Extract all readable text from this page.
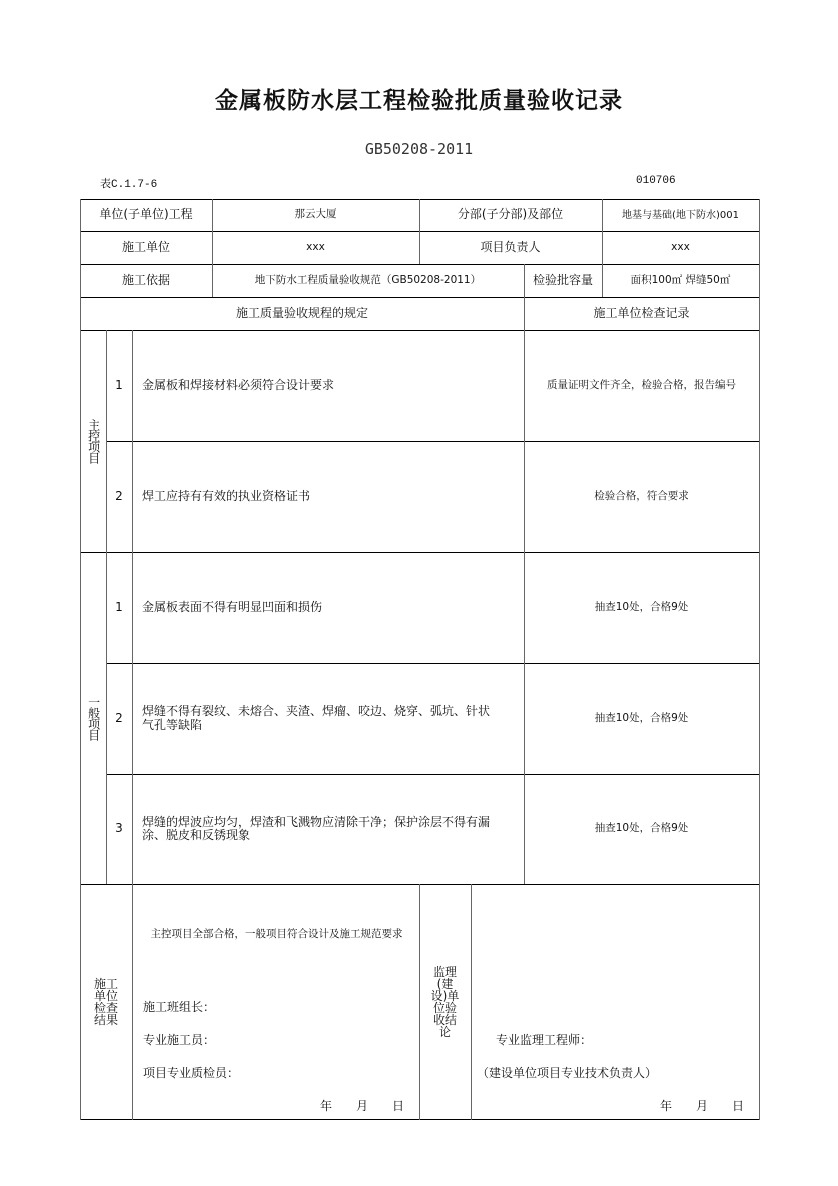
金属板防水层工程检验批质量验收记录
GB50208-2011
表C.1.7-6	010706
单位(子单位)工程	那云大厦	分部(子分部)及部位	地基与基础(地下防水)001
施工单位	xxx	项目负责人	xxx
施工依据	地下防水工程质量验收规范（GB50208-2011）	检验批容量	面积100㎡ 焊缝50㎡
施工质量验收规程的规定	施工单位检查记录
主控项目
1	金属板和焊接材料必须符合设计要求	质量证明文件齐全，检验合格，报告编号
2	焊工应持有有效的执业资格证书	检验合格，符合要求
一般项目
1	金属板表面不得有明显凹面和损伤	抽查10处，合格9处
2	焊缝不得有裂纹、未熔合、夹渣、焊瘤、咬边、烧穿、弧坑、针状气孔等缺陷	抽查10处，合格9处
3	焊缝的焊波应均匀，焊渣和飞溅物应清除干净；保护涂层不得有漏涂、脱皮和反锈现象	抽查10处，合格9处
施工单位检查结果
主控项目全部合格，一般项目符合设计及施工规范要求
施工班组长：
专业施工员：
项目专业质检员：
年　　月　　日
监理(建设)单位验收结论
专业监理工程师：
（建设单位项目专业技术负责人）
年　　月　　日
